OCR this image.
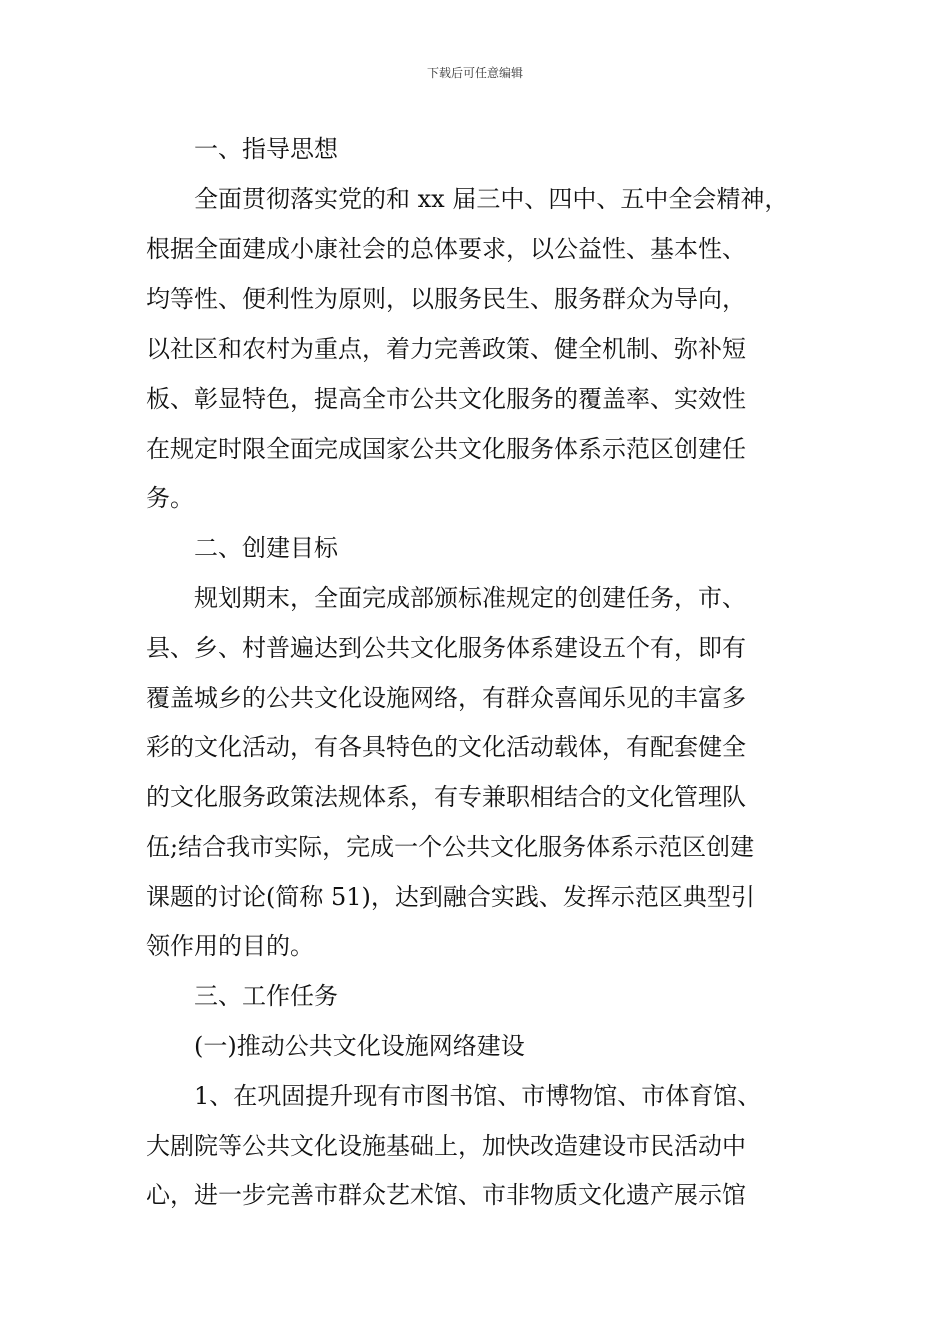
下载后可任意编辑
一、指导思想
全面贯彻落实党的和 xx 届三中、四中、五中全会精神，
根据全面建成小康社会的总体要求，以公益性、基本性、
均等性、便利性为原则，以服务民生、服务群众为导向，
以社区和农村为重点，着力完善政策、健全机制、弥补短
板、彰显特色，提高全市公共文化服务的覆盖率、实效性
在规定时限全面完成国家公共文化服务体系示范区创建任
务。
二、创建目标
规划期末，全面完成部颁标准规定的创建任务，市、
县、乡、村普遍达到公共文化服务体系建设五个有，即有
覆盖城乡的公共文化设施网络，有群众喜闻乐见的丰富多
彩的文化活动，有各具特色的文化活动载体，有配套健全
的文化服务政策法规体系，有专兼职相结合的文化管理队
伍;结合我市实际，完成一个公共文化服务体系示范区创建
课题的讨论(简称 51)，达到融合实践、发挥示范区典型引
领作用的目的。
三、工作任务
(一)推动公共文化设施网络建设
1、在巩固提升现有市图书馆、市博物馆、市体育馆、
大剧院等公共文化设施基础上，加快改造建设市民活动中
心，进一步完善市群众艺术馆、市非物质文化遗产展示馆
